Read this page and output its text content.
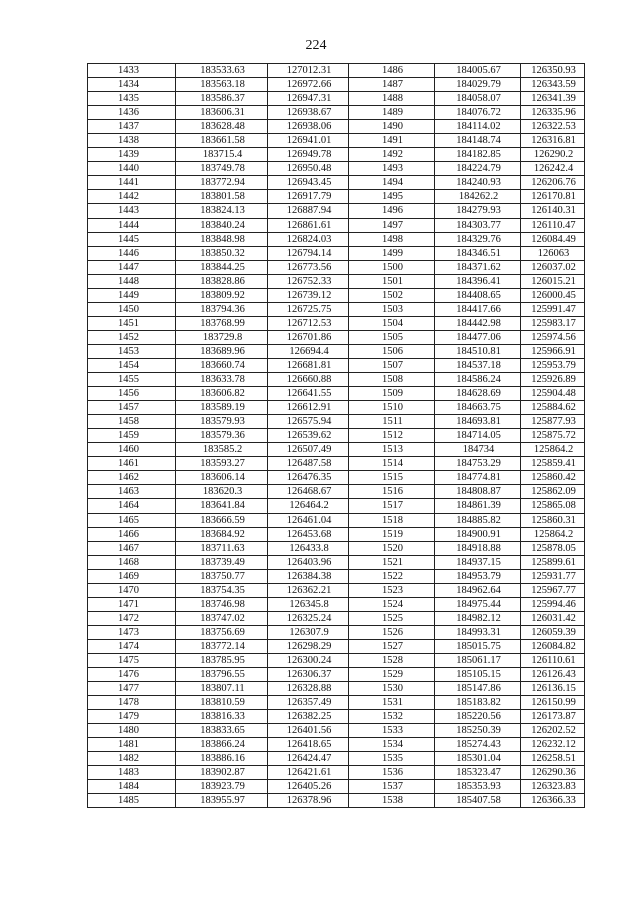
224
1433	183533.63	127012.31	1486	184005.67	126350.93
1434	183563.18	126972.66	1487	184029.79	126343.59
1435	183586.37	126947.31	1488	184058.07	126341.39
1436	183606.31	126938.67	1489	184076.72	126335.96
1437	183628.48	126938.06	1490	184114.02	126322.53
1438	183661.58	126941.01	1491	184148.74	126316.81
1439	183715.4	126949.78	1492	184182.85	126290.2
1440	183749.78	126950.48	1493	184224.79	126242.4
1441	183772.94	126943.45	1494	184240.93	126206.76
1442	183801.58	126917.79	1495	184262.2	126170.81
1443	183824.13	126887.94	1496	184279.93	126140.31
1444	183840.24	126861.61	1497	184303.77	126110.47
1445	183848.98	126824.03	1498	184329.76	126084.49
1446	183850.32	126794.14	1499	184346.51	126063
1447	183844.25	126773.56	1500	184371.62	126037.02
1448	183828.86	126752.33	1501	184396.41	126015.21
1449	183809.92	126739.12	1502	184408.65	126000.45
1450	183794.36	126725.75	1503	184417.66	125991.47
1451	183768.99	126712.53	1504	184442.98	125983.17
1452	183729.8	126701.86	1505	184477.06	125974.56
1453	183689.96	126694.4	1506	184510.81	125966.91
1454	183660.74	126681.81	1507	184537.18	125953.79
1455	183633.78	126660.88	1508	184586.24	125926.89
1456	183606.82	126641.55	1509	184628.69	125904.48
1457	183589.19	126612.91	1510	184663.75	125884.62
1458	183579.93	126575.94	1511	184693.81	125877.93
1459	183579.36	126539.62	1512	184714.05	125875.72
1460	183585.2	126507.49	1513	184734	125864.2
1461	183593.27	126487.58	1514	184753.29	125859.41
1462	183606.14	126476.35	1515	184774.81	125860.42
1463	183620.3	126468.67	1516	184808.87	125862.09
1464	183641.84	126464.2	1517	184861.39	125865.08
1465	183666.59	126461.04	1518	184885.82	125860.31
1466	183684.92	126453.68	1519	184900.91	125864.2
1467	183711.63	126433.8	1520	184918.88	125878.05
1468	183739.49	126403.96	1521	184937.15	125899.61
1469	183750.77	126384.38	1522	184953.79	125931.77
1470	183754.35	126362.21	1523	184962.64	125967.77
1471	183746.98	126345.8	1524	184975.44	125994.46
1472	183747.02	126325.24	1525	184982.12	126031.42
1473	183756.69	126307.9	1526	184993.31	126059.39
1474	183772.14	126298.29	1527	185015.75	126084.82
1475	183785.95	126300.24	1528	185061.17	126110.61
1476	183796.55	126306.37	1529	185105.15	126126.43
1477	183807.11	126328.88	1530	185147.86	126136.15
1478	183810.59	126357.49	1531	185183.82	126150.99
1479	183816.33	126382.25	1532	185220.56	126173.87
1480	183833.65	126401.56	1533	185250.39	126202.52
1481	183866.24	126418.65	1534	185274.43	126232.12
1482	183886.16	126424.47	1535	185301.04	126258.51
1483	183902.87	126421.61	1536	185323.47	126290.36
1484	183923.79	126405.26	1537	185353.93	126323.83
1485	183955.97	126378.96	1538	185407.58	126366.33
